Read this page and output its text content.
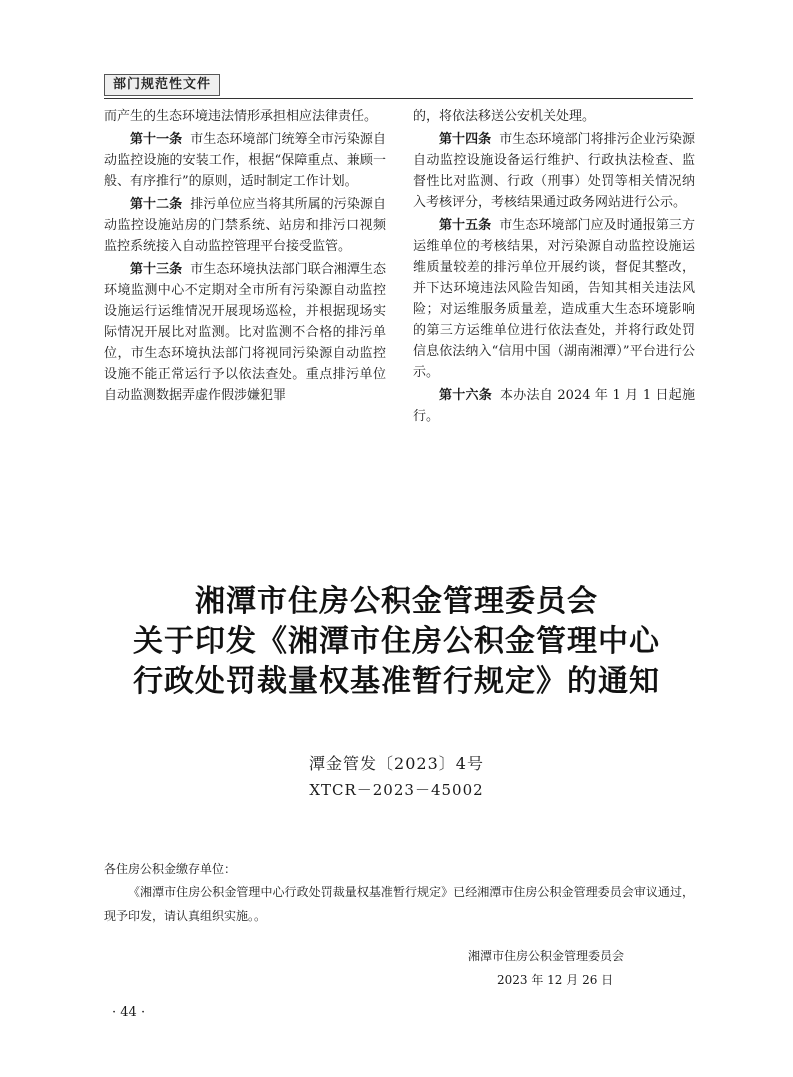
部门规范性文件

而产生的生态环境违法情形承担相应法律责任。

第十一条 市生态环境部门统筹全市污染源自动监控设施的安装工作，根据“保障重点、兼顾一般、有序推行”的原则，适时制定工作计划。

第十二条 排污单位应当将其所属的污染源自动监控设施站房的门禁系统、站房和排污口视频监控系统接入自动监控管理平台接受监管。

第十三条 市生态环境执法部门联合湘潭生态环境监测中心不定期对全市所有污染源自动监控设施运行运维情况开展现场巡检，并根据现场实际情况开展比对监测。比对监测不合格的排污单位，市生态环境执法部门将视同污染源自动监控设施不能正常运行予以依法查处。重点排污单位自动监测数据弄虚作假涉嫌犯罪

的，将依法移送公安机关处理。

第十四条 市生态环境部门将排污企业污染源自动监控设施设备运行维护、行政执法检查、监督性比对监测、行政（刑事）处罚等相关情况纳入考核评分，考核结果通过政务网站进行公示。

第十五条 市生态环境部门应及时通报第三方运维单位的考核结果，对污染源自动监控设施运维质量较差的排污单位开展约谈，督促其整改，并下达环境违法风险告知函，告知其相关违法风险；对运维服务质量差，造成重大生态环境影响的第三方运维单位进行依法查处，并将行政处罚信息依法纳入“信用中国（湖南湘潭）”平台进行公示。

第十六条 本办法自 2024 年 1 月 1 日起施行。

湘潭市住房公积金管理委员会
关于印发《湘潭市住房公积金管理中心
行政处罚裁量权基准暂行规定》的通知
潭金管发〔2023〕4号
XTCR－2023－45002
各住房公积金缴存单位：
《湘潭市住房公积金管理中心行政处罚裁量权基准暂行规定》已经湘潭市住房公积金管理委员会审议通过，现予印发，请认真组织实施。。
湘潭市住房公积金管理委员会
2023 年 12 月 26 日
· 44 ·
